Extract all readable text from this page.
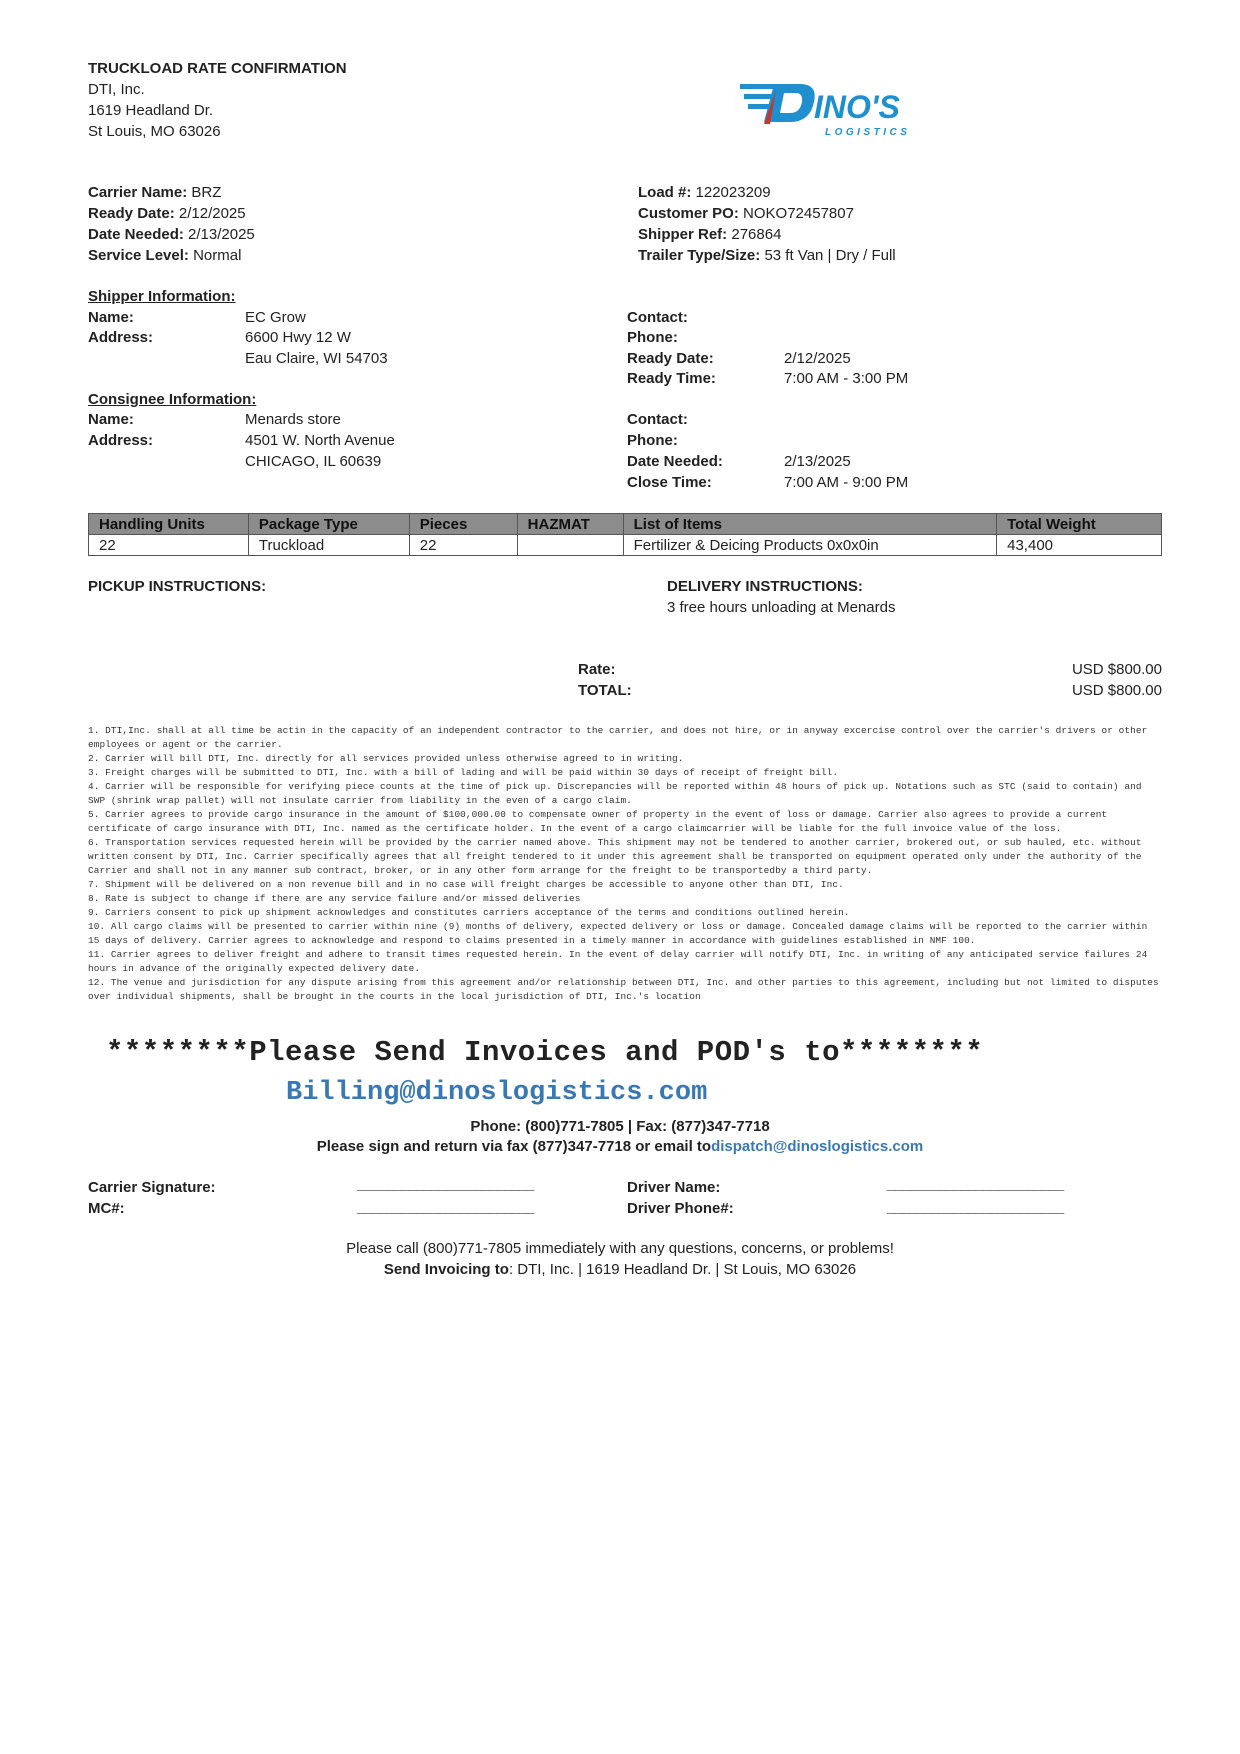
TRUCKLOAD RATE CONFIRMATION
DTI, Inc.
1619 Headland Dr.
St Louis, MO 63026
INO'S
LOGISTICS
Carrier Name: BRZ
Ready Date: 2/12/2025
Date Needed: 2/13/2025
Service Level: Normal
Load #: 122023209
Customer PO: NOKO72457807
Shipper Ref: 276864
Trailer Type/Size: 53 ft Van | Dry / Full
Shipper Information:
Name:	EC Grow
Address:	6600 Hwy 12 W
Eau Claire, WI 54703
Contact:
Phone:
Ready Date:	2/12/2025
Ready Time:	7:00 AM - 3:00 PM
Consignee Information:
Name:	Menards store
Address:	4501 W. North Avenue
CHICAGO, IL 60639
Contact:
Phone:
Date Needed:	2/13/2025
Close Time:	7:00 AM - 9:00 PM
Handling Units	Package Type	Pieces	HAZMAT	List of Items	Total Weight
22	Truckload	22		Fertilizer & Deicing Products 0x0x0in	43,400
PICKUP INSTRUCTIONS:	DELIVERY INSTRUCTIONS:
3 free hours unloading at Menards
Rate:	USD $800.00
TOTAL:	USD $800.00

1. DTI,Inc. shall at all time be actin in the capacity of an independent contractor to the carrier, and does not hire, or in anyway excercise control over the carrier's drivers or other employees or agent or the carrier.

2. Carrier will bill DTI, Inc. directly for all services provided unless otherwise agreed to in writing.

3. Freight charges will be submitted to DTI, Inc. with a bill of lading and will be paid within 30 days of receipt of freight bill.

4. Carrier will be responsible for verifying piece counts at the time of pick up. Discrepancies will be reported within 48 hours of pick up. Notations such as STC (said to contain) and SWP (shrink wrap pallet) will not insulate carrier from liability in the even of a cargo claim.

5. Carrier agrees to provide cargo insurance in the amount of $100,000.00 to compensate owner of property in the event of loss or damage. Carrier also agrees to provide a current certificate of cargo insurance with DTI, Inc. named as the certificate holder. In the event of a cargo claimcarrier will be liable for the full invoice value of the loss.

6. Transportation services requested herein will be provided by the carrier named above. This shipment may not be tendered to another carrier, brokered out, or sub hauled, etc. without written consent by DTI, Inc. Carrier specifically agrees that all freight tendered to it under this agreement shall be transported on equipment operated only under the authority of the Carrier and shall not in any manner sub contract, broker, or in any other form arrange for the freight to be transportedby a third party.

7. Shipment will be delivered on a non revenue bill and in no case will freight charges be accessible to anyone other than DTI, Inc.

8. Rate is subject to change if there are any service failure and/or missed deliveries

9. Carriers consent to pick up shipment acknowledges and constitutes carriers acceptance of the terms and conditions outlined herein.

10. All cargo claims will be presented to carrier within nine (9) months of delivery, expected delivery or loss or damage. Concealed damage claims will be reported to the carrier within 15 days of delivery. Carrier agrees to acknowledge and respond to claims presented in a timely manner in accordance with guidelines established in NMF 100.

11. Carrier agrees to deliver freight and adhere to transit times requested herein. In the event of delay carrier will notify DTI, Inc. in writing of any anticipated service failures 24 hours in advance of the originally expected delivery date.

12. The venue and jurisdiction for any dispute arising from this agreement and/or relationship between DTI, Inc. and other parties to this agreement, including but not limited to disputes over individual shipments, shall be brought in the courts in the local jurisdiction of DTI, Inc.'s location

********Please Send Invoices and POD's to********
Billing@dinoslogistics.com
Phone: (800)771-7805 | Fax: (877)347-7718
Please sign and return via fax (877)347-7718 or email todispatch@dinoslogistics.com
Carrier Signature:	________________________
MC#:	________________________
Driver Name:	________________________
Driver Phone#:	________________________
Please call (800)771-7805 immediately with any questions, concerns, or problems!
Send Invoicing to: DTI, Inc. | 1619 Headland Dr. | St Louis, MO 63026
